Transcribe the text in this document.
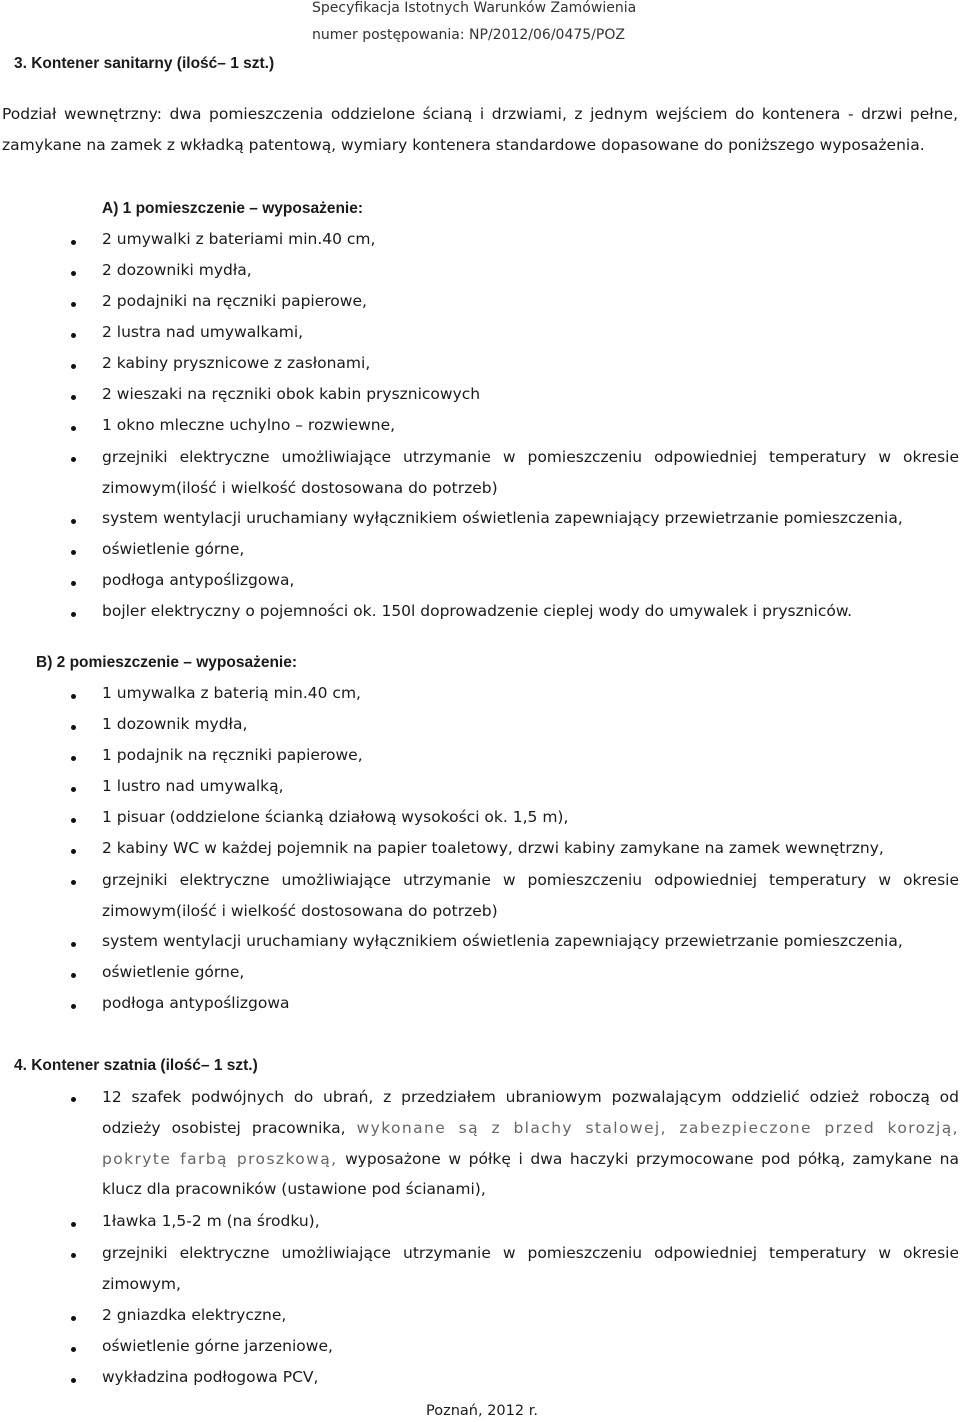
Specyfikacja Istotnych Warunków Zamówienia
numer postępowania: NP/2012/06/0475/POZ
3. Kontener sanitarny (ilość– 1 szt.)
Podział wewnętrzny: dwa pomieszczenia oddzielone ścianą i drzwiami, z jednym wejściem do kontenera - drzwi pełne, zamykane na zamek z wkładką patentową, wymiary kontenera standardowe dopasowane do poniższego wyposażenia.
A) 1 pomieszczenie – wyposażenie:
2 umywalki z bateriami min.40 cm,
2 dozowniki mydła,
2 podajniki na ręczniki papierowe,
2 lustra nad umywalkami,
2 kabiny prysznicowe z zasłonami,
2 wieszaki na ręczniki obok kabin prysznicowych
1 okno mleczne uchylno – rozwiewne,
grzejniki elektryczne umożliwiające utrzymanie w pomieszczeniu odpowiedniej temperatury w okresie zimowym(ilość i wielkość dostosowana do potrzeb)
system wentylacji uruchamiany wyłącznikiem oświetlenia zapewniający przewietrzanie pomieszczenia,
oświetlenie górne,
podłoga antypoślizgowa,
bojler elektryczny o pojemności ok. 150l doprowadzenie cieplej wody do umywalek i pryszniców.
B) 2 pomieszczenie – wyposażenie:
1 umywalka z baterią min.40 cm,
1 dozownik mydła,
1 podajnik na ręczniki papierowe,
1 lustro nad umywalką,
1 pisuar (oddzielone ścianką działową wysokości ok. 1,5 m),
2 kabiny WC w każdej pojemnik na papier toaletowy, drzwi kabiny zamykane na zamek wewnętrzny,
grzejniki elektryczne umożliwiające utrzymanie w pomieszczeniu odpowiedniej temperatury w okresie zimowym(ilość i wielkość dostosowana do potrzeb)
system wentylacji uruchamiany wyłącznikiem oświetlenia zapewniający przewietrzanie pomieszczenia,
oświetlenie górne,
podłoga antypoślizgowa
4. Kontener szatnia (ilość– 1 szt.)
12 szafek podwójnych do ubrań, z przedziałem ubraniowym pozwalającym oddzielić odzież roboczą od odzieży osobistej pracownika, wykonane są z blachy stalowej, zabezpieczone przed korozją, pokryte farbą proszkową, wyposażone w półkę i dwa haczyki przymocowane pod półką, zamykane na klucz dla pracowników (ustawione pod ścianami),
1ławka 1,5-2 m (na środku),
grzejniki elektryczne umożliwiające utrzymanie w pomieszczeniu odpowiedniej temperatury w okresie zimowym,
2 gniazdka elektryczne,
oświetlenie górne jarzeniowe,
wykładzina podłogowa PCV,
Poznań, 2012 r.
